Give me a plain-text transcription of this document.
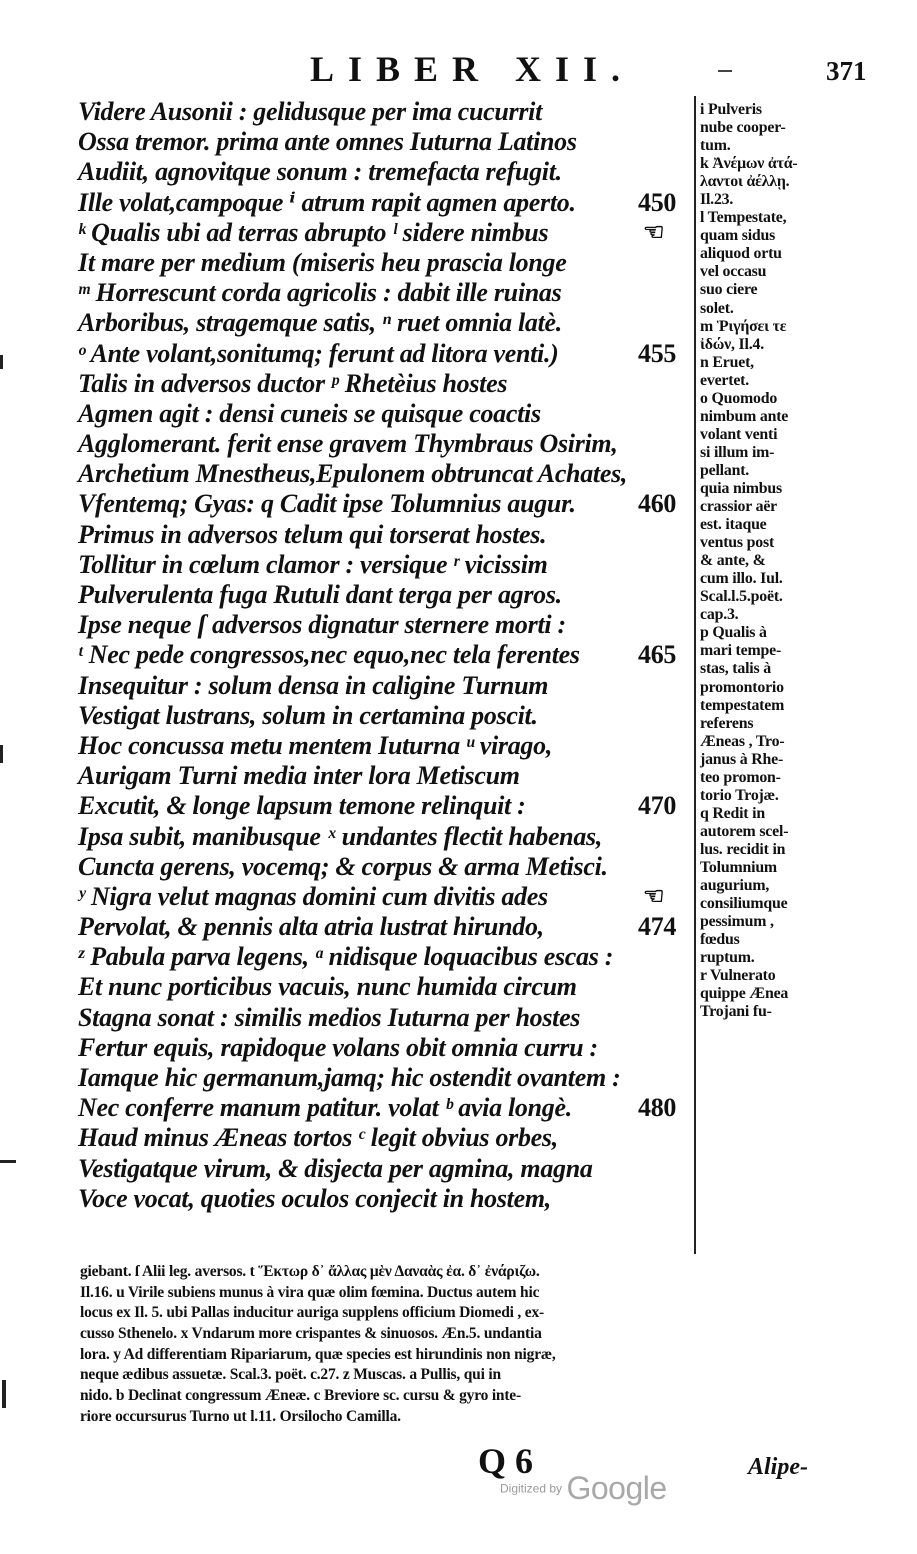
LIBER XII.	371
Videre Ausonii : gelidusque per ima cucurrit
Ossa tremor. prima ante omnes Iuturna Latinos
Audiit, agnovitque sonum : tremefacta refugit.
Ille volat,campoque ⁱ atrum rapit agmen aperto. 450
ᵏ Qualis ubi ad terras abrupto ˡ sidere nimbus	☜
It mare per medium (miseris heu prascia longe
ᵐ Horrescunt corda agricolis : dabit ille ruinas
Arboribus, stragemque satis, ⁿ ruet omnia latè.
ᵒ Ante volant,sonitumq; ferunt ad litora venti.)	455
Talis in adversos ductor ᵖ Rhetèius hostes
Agmen agit : densi cuneis se quisque coactis
Agglomerant. ferit ense gravem Thymbraus Osirim,
Archetium Mnestheus,Epulonem obtruncat Achates,
Vfentemq; Gyas: q Cadit ipse Tolumnius augur. 460
Primus in adversos telum qui torserat hostes.
Tollitur in cœlum clamor : versique ʳ vicissim
Pulverulenta fuga Rutuli dant terga per agros.
Ipse neque ſ adversos dignatur sternere morti :
ᵗ Nec pede congressos,nec equo,nec tela ferentes 465
Insequitur : solum densa in caligine Turnum
Vestigat lustrans, solum in certamina poscit.
Hoc concussa metu mentem Iuturna ᵘ virago,
Aurigam Turni media inter lora Metiscum
Excutit, & longe lapsum temone relinquit :	470
Ipsa subit, manibusque ˣ undantes flectit habenas,
Cuncta gerens, vocemq; & corpus & arma Metisci.
ʸ Nigra velut magnas domini cum divitis ades	☜
Pervolat, & pennis alta atria lustrat hirundo,	474
ᶻ Pabula parva legens, ᵃ nidisque loquacibus escas :
Et nunc porticibus vacuis, nunc humida circum
Stagna sonat : similis medios Iuturna per hostes
Fertur equis, rapidoque volans obit omnia curru :
Iamque hic germanum,jamq; hic ostendit ovantem :
Nec conferre manum patitur. volat ᵇ avia longè.	480
Haud minus Æneas tortos ᶜ legit obvius orbes,
Vestigatque virum, & disjecta per agmina, magna
Voce vocat, quoties oculos conjecit in hostem,
i Pulveris
nube cooper-
tum.
k Ἀνέμων ἀτά-
λαντοι ἀέλλῃ.
Il.23.
l Tempestate,
quam sidus
aliquod ortu
vel occasu
suo ciere
solet.
m Ῥιγήσει τε
ἰδών, Il.4.
n Eruet,
evertet.
o Quomodo
nimbum ante
volant venti
si illum im-
pellant.
quia nimbus
crassior aër
est. itaque
ventus post
& ante, &
cum illo. Iul.
Scal.l.5.poët.
cap.3.
p Qualis à
mari tempe-
stas, talis à
promontorio
tempestatem
referens
Æneas , Tro-
janus à Rhe-
teo promon-
torio Trojæ.
q Redit in
autorem scel-
lus. recidit in
Tolumnium
augurium,
consiliumque
pessimum ,
fœdus
ruptum.
r Vulnerato
quippe Ænea
Trojani fu-
giebant. ſ Alii leg. aversos. t Ἕκτωρ δ᾽ ἄλλας μὲν Δαναὰς ἐα. δ᾽ ἐνάριζω.
Il.16. u Virile subiens munus à vira quæ olim fœmina. Ductus autem hic
locus ex Il. 5. ubi Pallas inducitur auriga supplens officium Diomedi , ex-
cusso Sthenelo. x Vndarum more crispantes & sinuosos. Æn.5. undantia
lora. y Ad differentiam Ripariarum, quæ species est hirundinis non nigræ,
neque ædibus assuetæ. Scal.3. poët. c.27. z Muscas. a Pullis, qui in
nido. b Declinat congressum Æneæ. c Breviore sc. cursu & gyro inte-
riore occursurus Turno ut l.11. Orsilocho Camilla.
Q 6	Alipe-
Digitized by Google
